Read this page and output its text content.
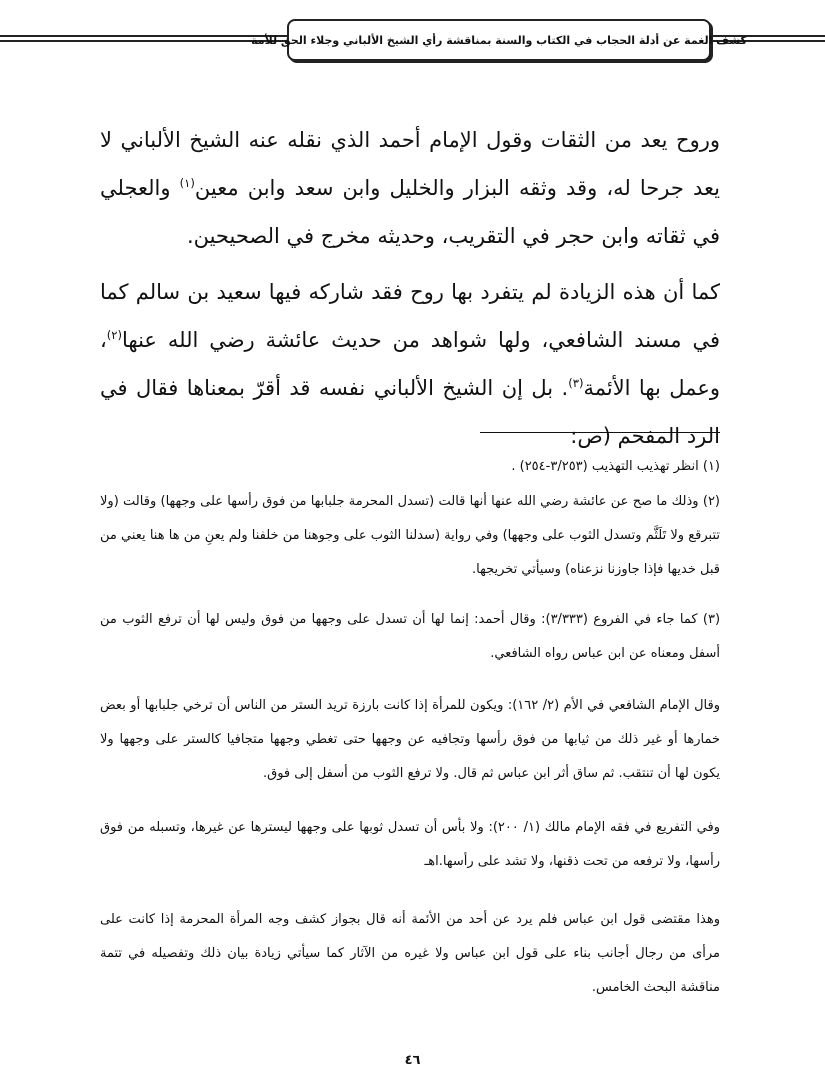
كشف الغمة عن أدلة الحجاب في الكتاب والسنة بمناقشة رأي الشيخ الألباني وجلاء الحق للأمة
وروح يعد من الثقات وقول الإمام أحمد الذي نقله عنه الشيخ الألباني لا يعد جرحا له، وقد وثقه البزار والخليل وابن سعد وابن معين$^{(١)}$ والعجلي في ثقاته وابن حجر في التقريب، وحديثه مخرج في الصحيحين.
كما أن هذه الزيادة لم يتفرد بها روح فقد شاركه فيها سعيد بن سالم كما في مسند الشافعي، ولها شواهد من حديث عائشة رضي الله عنها$^{(٢)}$، وعمل بها الأئمة$^{(٣)}$. بل إن الشيخ الألباني نفسه قد أقرّ بمعناها فقال في الرد المفحم (ص:
(١) انظر تهذيب التهذيب (٣/٢٥٣-٢٥٤) .
(٢) وذلك ما صح عن عائشة رضي الله عنها أنها قالت (تسدل المحرمة جلبابها من فوق رأسها على وجهها) وقالت (ولا تتبرقع ولا تَلَثَّم وتسدل الثوب على وجهها) وفي رواية (سدلنا الثوب على وجوهنا من خلفنا ولم يعنِ من ها هنا يعني من قبل خديها فإذا جاوزنا نزعناه) وسيأتي تخريجها.
(٣) كما جاء في الفروع (٣/٣٣٣): وقال أحمد: إنما لها أن تسدل على وجهها من فوق وليس لها أن ترفع الثوب من أسفل ومعناه عن ابن عباس رواه الشافعي.
وقال الإمام الشافعي في الأم (٢/ ١٦٢): ويكون للمرأة إذا كانت بارزة تريد الستر من الناس أن ترخي جلبابها أو بعض خمارها أو غير ذلك من ثيابها من فوق رأسها وتجافيه عن وجهها حتى تغطي وجهها متجافيا كالستر على وجهها ولا يكون لها أن تنتقب. ثم ساق أثر ابن عباس ثم قال. ولا ترفع الثوب من أسفل إلى فوق.
وفي التفريع في فقه الإمام مالك (١/ ٢٠٠): ولا بأس أن تسدل ثوبها على وجهها ليسترها عن غيرها، وتسبله من فوق رأسها، ولا ترفعه من تحت ذقنها، ولا تشد على رأسها.اهـ
وهذا مقتضى قول ابن عباس فلم يرد عن أحد من الأئمة أنه قال بجواز كشف وجه المرأة المحرمة إذا كانت على مرأى من رجال أجانب بناء على قول ابن عباس ولا غيره من الآثار كما سيأتي زيادة بيان ذلك وتفصيله في تتمة مناقشة البحث الخامس.
٤٦
